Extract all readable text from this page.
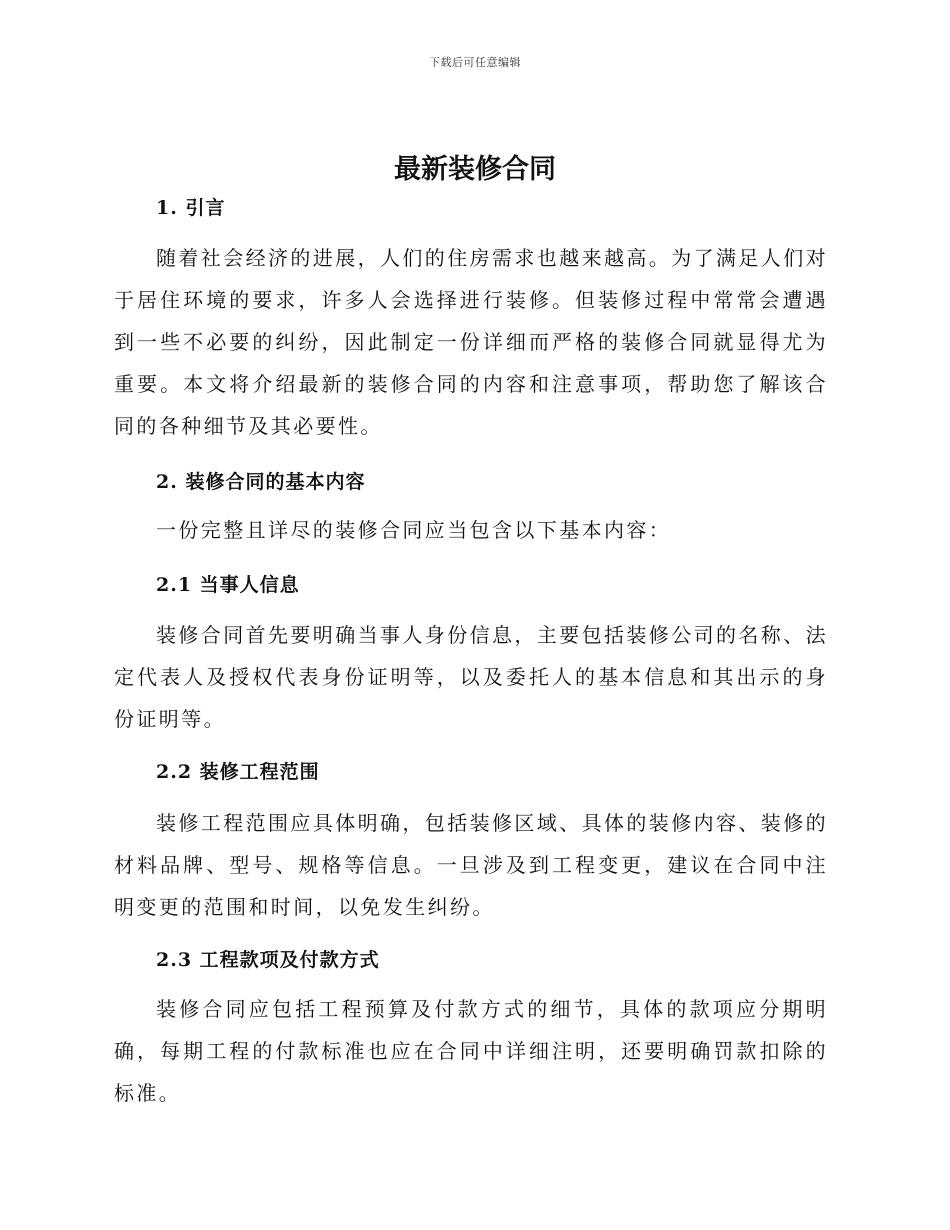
下载后可任意编辑
最新装修合同
1. 引言

随着社会经济的进展，人们的住房需求也越来越高。为了满足人们对于居住环境的要求，许多人会选择进行装修。但装修过程中常常会遭遇到一些不必要的纠纷，因此制定一份详细而严格的装修合同就显得尤为重要。本文将介绍最新的装修合同的内容和注意事项，帮助您了解该合同的各种细节及其必要性。

2. 装修合同的基本内容

一份完整且详尽的装修合同应当包含以下基本内容：

2.1 当事人信息

装修合同首先要明确当事人身份信息，主要包括装修公司的名称、法定代表人及授权代表身份证明等，以及委托人的基本信息和其出示的身份证明等。

2.2 装修工程范围

装修工程范围应具体明确，包括装修区域、具体的装修内容、装修的材料品牌、型号、规格等信息。一旦涉及到工程变更，建议在合同中注明变更的范围和时间，以免发生纠纷。

2.3 工程款项及付款方式

装修合同应包括工程预算及付款方式的细节，具体的款项应分期明确，每期工程的付款标准也应在合同中详细注明，还要明确罚款扣除的标准。
